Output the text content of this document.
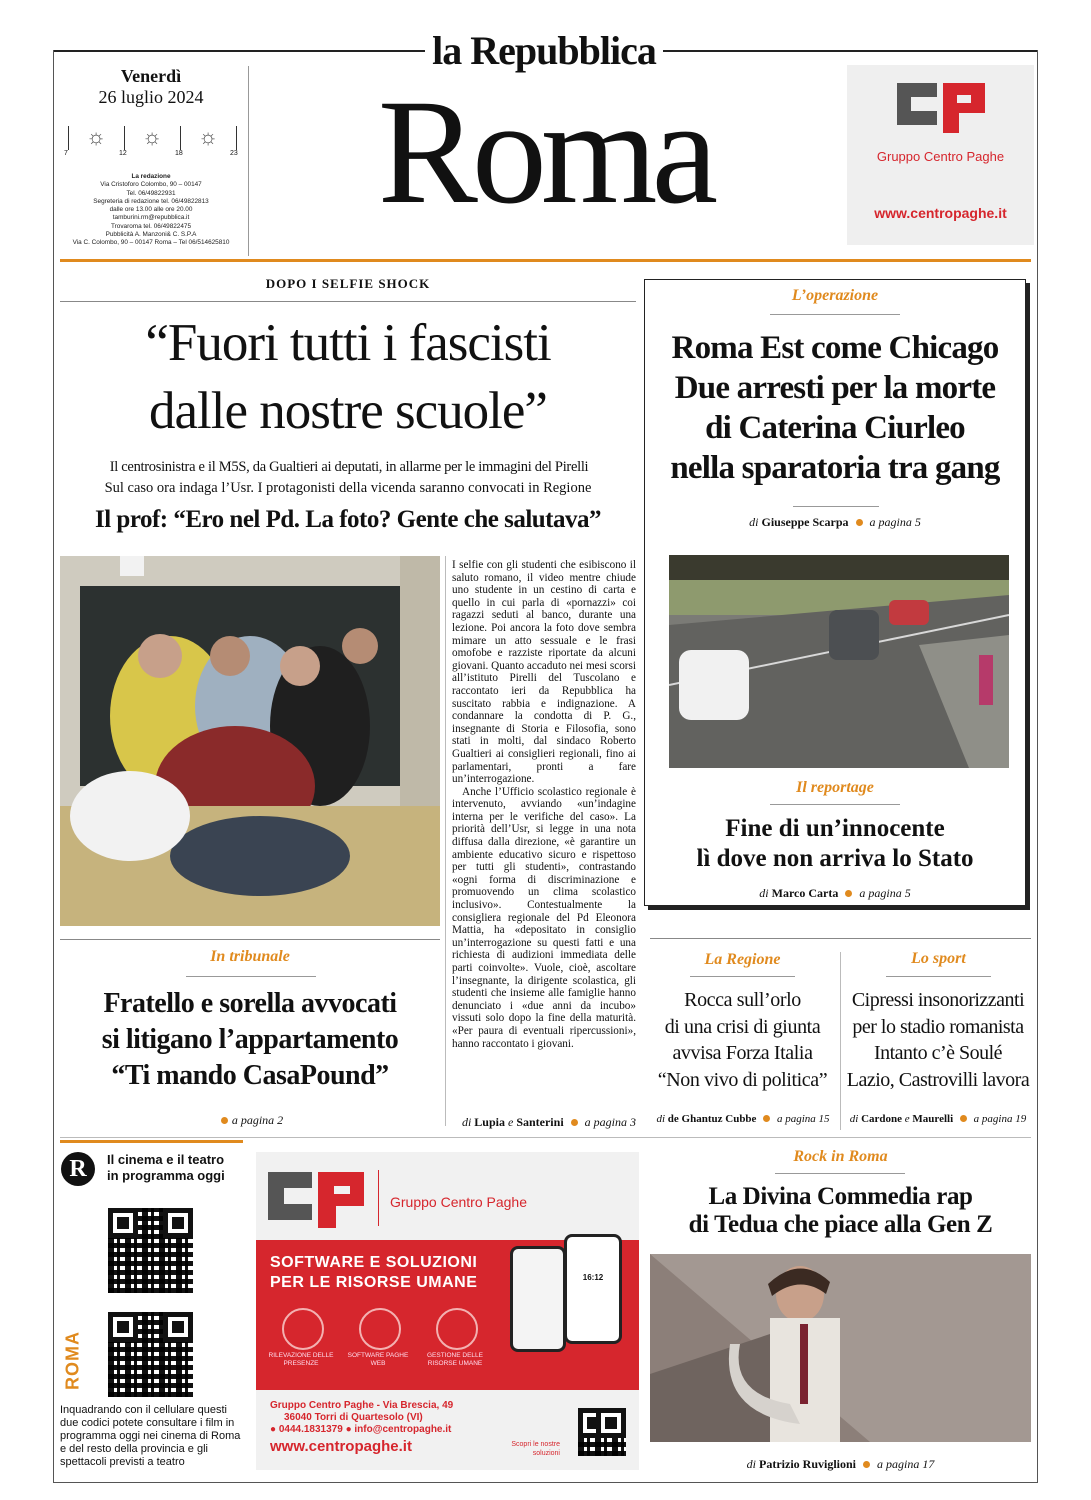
la Repubblica
Roma
Venerdì
26 luglio 2024
☼ ☼ ☼
7	12	18	23
La redazione
Via Cristoforo Colombo, 90 – 00147
Tel. 06/49822931
Segreteria di redazione tel. 06/49822813
dalle ore 13.00 alle ore 20.00
tamburini.rm@repubblica.it
Trovaroma tel. 06/49822475
Pubblicità A. Manzoni& C. S.P.A
Via C. Colombo, 90 – 00147 Roma – Tel 06/514625810
Gruppo Centro Paghe
www.centropaghe.it
DOPO I SELFIE SHOCK
“Fuori tutti i fascisti
dalle nostre scuole”
Il centrosinistra e il M5S, da Gualtieri ai deputati, in allarme per le immagini del Pirelli
Sul caso ora indaga l’Usr. I protagonisti della vicenda saranno convocati in Regione
Il prof: “Ero nel Pd. La foto? Gente che salutava”
I selfie con gli studenti che esibiscono il saluto romano, il video mentre chiude uno studente in un cestino di carta e quello in cui parla di «pornazzi» coi ragazzi seduti al banco, durante una lezione. Poi ancora la foto dove sembra mimare un atto sessuale e le frasi omofobe e razziste riportate da alcuni giovani. Quanto accaduto nei mesi scorsi all’istituto Pirelli del Tuscolano e raccontato ieri da Repubblica ha suscitato rabbia e indignazione. A condannare la condotta di P. G., insegnante di Storia e Filosofia, sono stati in molti, dal sindaco Roberto Gualtieri ai consiglieri regionali, fino ai parlamentari, pronti a fare un’interrogazione.
Anche l’Ufficio scolastico regionale è intervenuto, avviando «un’indagine interna per le verifiche del caso». La priorità dell’Usr, si legge in una nota diffusa dalla direzione, «è garantire un ambiente educativo sicuro e rispettoso per tutti gli studenti», contrastando «ogni forma di discriminazione e promuovendo un clima scolastico inclusivo». Contestualmente la consigliera regionale del Pd Eleonora Mattia, ha «depositato in consiglio un’interrogazione su questi fatti e una richiesta di audizioni immediata delle parti coinvolte». Vuole, cioè, ascoltare l’insegnante, la dirigente scolastica, gli studenti che insieme alle famiglie hanno denunciato i «due anni da incubo» vissuti solo dopo la fine della maturità. «Per paura di eventuali ripercussioni», hanno raccontato i giovani.
di Lupia e Santerini a pagina 3
In tribunale
Fratello e sorella avvocati
si litigano l’appartamento
“Ti mando CasaPound”
a pagina 2
L’operazione
Roma Est come Chicago
Due arresti per la morte
di Caterina Ciurleo
nella sparatoria tra gang
di Giuseppe Scarpa a pagina 5
Il reportage
Fine di un’innocente
lì dove non arriva lo Stato
di Marco Carta a pagina 5
La Regione
Rocca sull’orlo
di una crisi di giunta
avvisa Forza Italia
“Non vivo di politica”
di de Ghantuz Cubbe a pagina 15
Lo sport
Cipressi insonorizzanti
per lo stadio romanista
Intanto c’è Soulé
Lazio, Castrovilli lavora
di Cardone e Maurelli a pagina 19
R	Il cinema e il teatro
in programma oggi
ROMA
Inquadrando con il cellulare questi due codici potete consultare i film in programma oggi nei cinema di Roma e del resto della provincia e gli spettacoli previsti a teatro
Gruppo Centro Paghe
SOFTWARE E SOLUZIONI
PER LE RISORSE UMANE
RILEVAZIONE DELLE PRESENZE
SOFTWARE PAGHE WEB
GESTIONE DELLE RISORSE UMANE
16:12
Gruppo Centro Paghe - Via Brescia, 49
36040 Torri di Quartesolo (VI)
● 0444.1831379 ● info@centropaghe.it
www.centropaghe.it	Scopri le nostre soluzioni
Rock in Roma
La Divina Commedia rap
di Tedua che piace alla Gen Z
di Patrizio Ruviglioni a pagina 17
